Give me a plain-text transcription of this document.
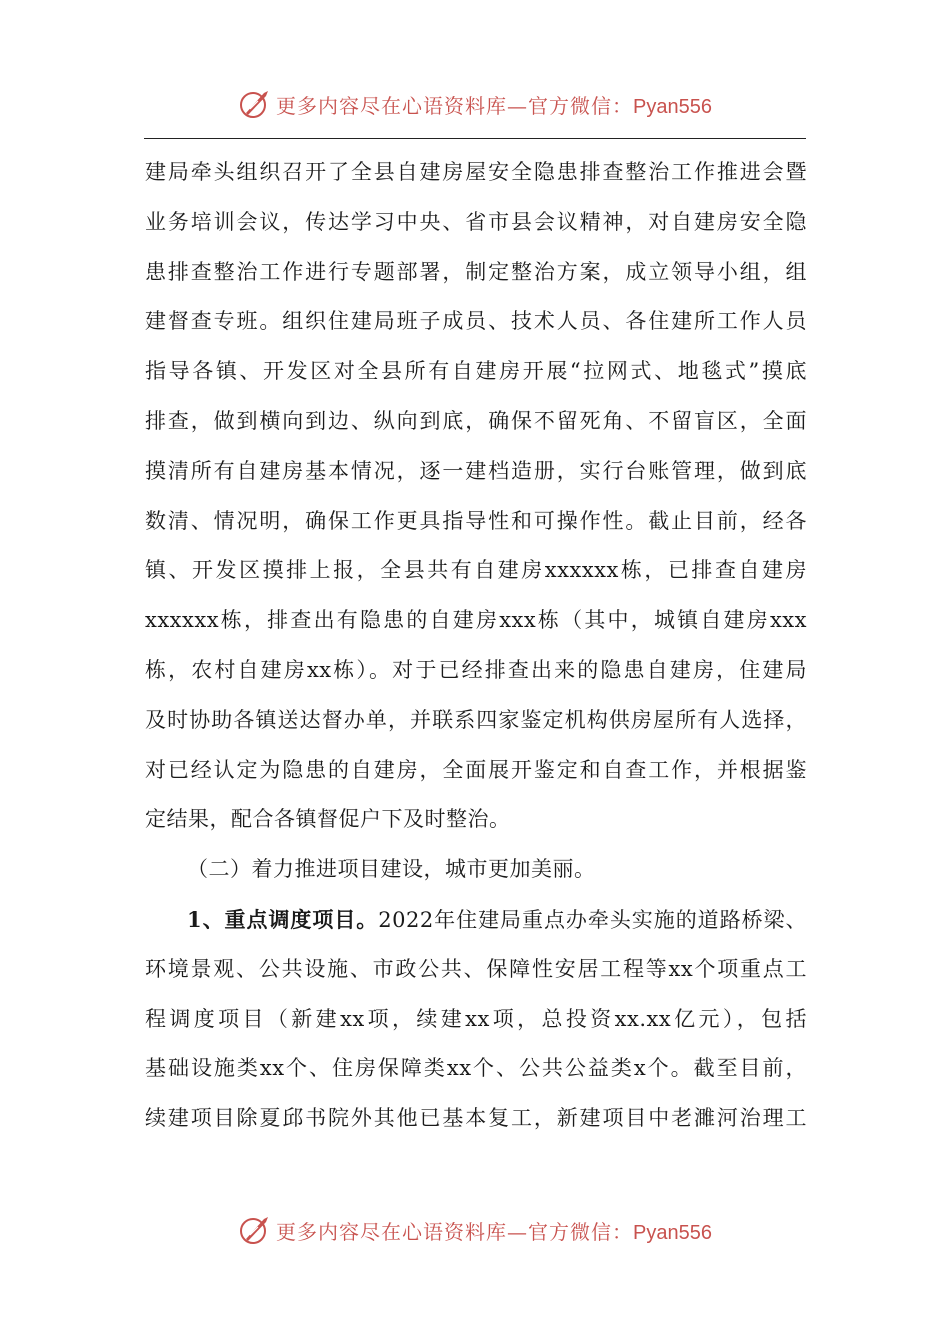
更多内容尽在心语资料库—官方微信：Pyan556
建局牵头组织召开了全县自建房屋安全隐患排查整治工作推进会暨
业务培训会议，传达学习中央、省市县会议精神，对自建房安全隐
患排查整治工作进行专题部署，制定整治方案，成立领导小组，组
建督查专班。组织住建局班子成员、技术人员、各住建所工作人员
指导各镇、开发区对全县所有自建房开展“拉网式、地毯式”摸底
排查，做到横向到边、纵向到底，确保不留死角、不留盲区，全面
摸清所有自建房基本情况，逐一建档造册，实行台账管理，做到底
数清、情况明，确保工作更具指导性和可操作性。截止目前，经各
镇、开发区摸排上报，全县共有自建房xxxxxx栋，已排查自建房
xxxxxx栋，排查出有隐患的自建房xxx栋（其中，城镇自建房xxx
栋，农村自建房xx栋）。对于已经排查出来的隐患自建房，住建局
及时协助各镇送达督办单，并联系四家鉴定机构供房屋所有人选择，
对已经认定为隐患的自建房，全面展开鉴定和自查工作，并根据鉴
定结果，配合各镇督促户下及时整治。
（二）着力推进项目建设，城市更加美丽。
1、重点调度项目。2022年住建局重点办牵头实施的道路桥梁、
环境景观、公共设施、市政公共、保障性安居工程等xx个项重点工
程调度项目（新建xx项，续建xx项，总投资xx.xx亿元），包括
基础设施类xx个、住房保障类xx个、公共公益类x个。截至目前，
续建项目除夏邱书院外其他已基本复工，新建项目中老濉河治理工
更多内容尽在心语资料库—官方微信：Pyan556
